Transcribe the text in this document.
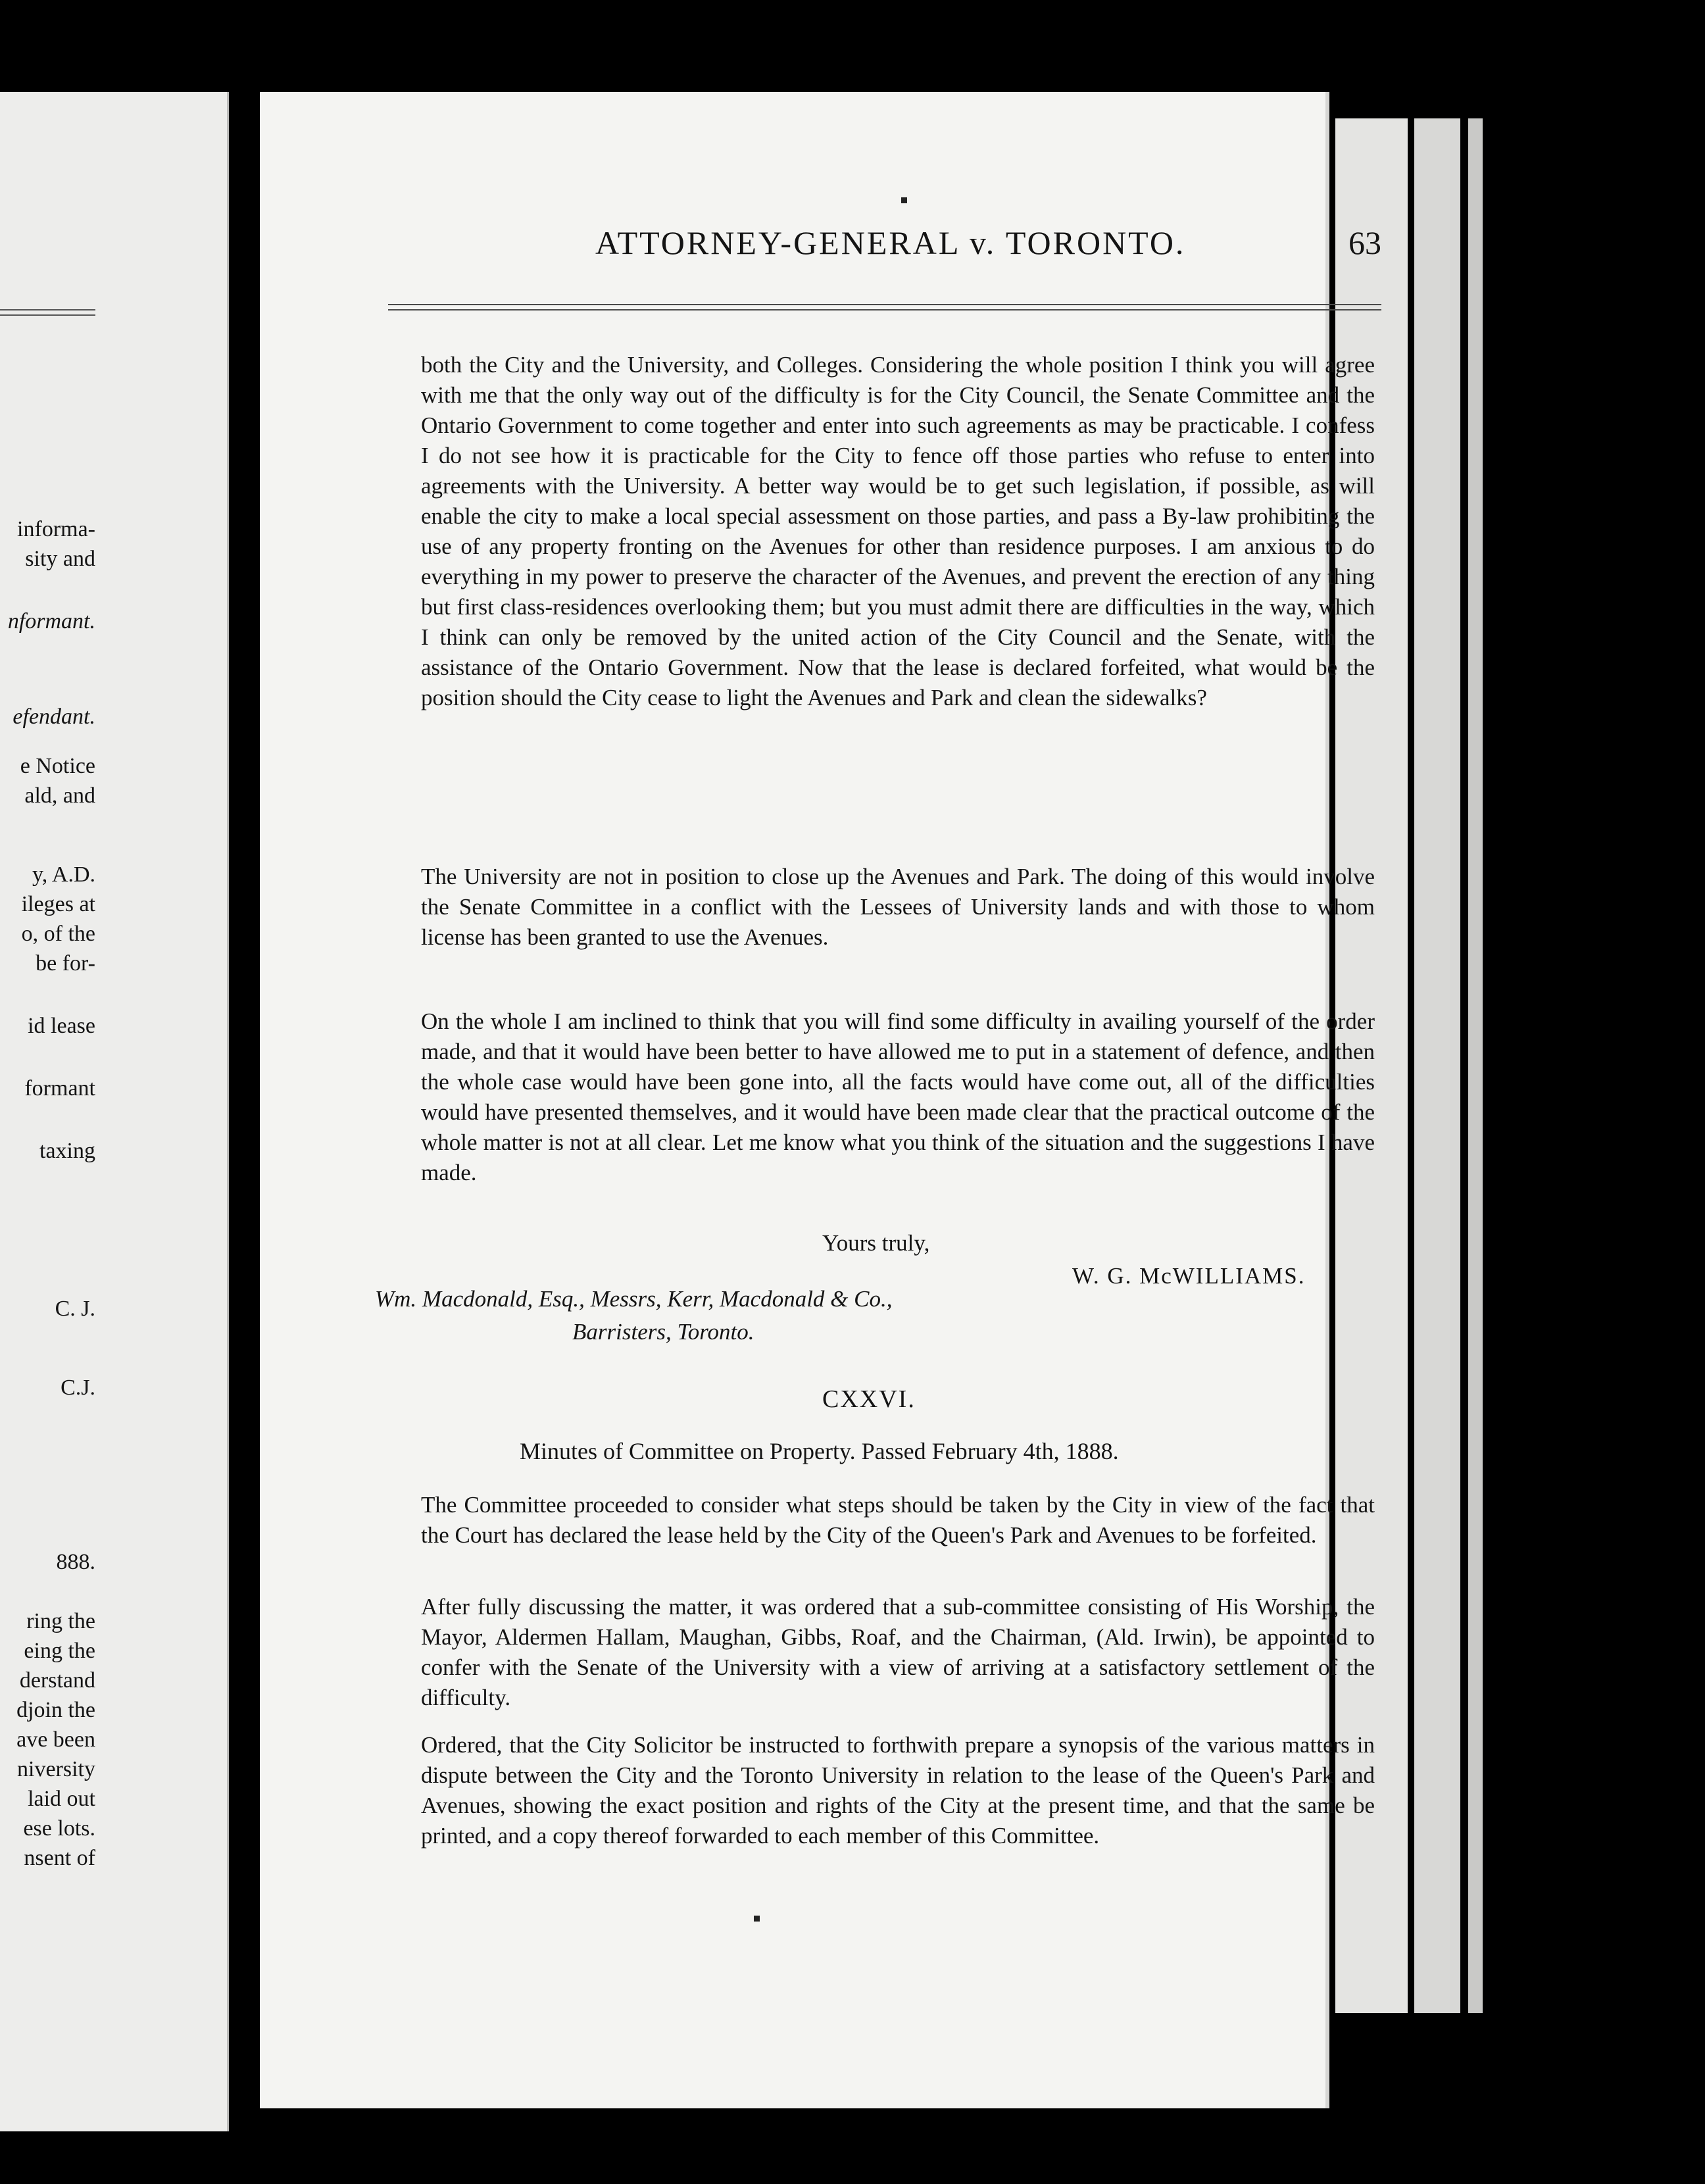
informa-
sity and
nformant.
efendant.
e Notice
ald, and
y, A.D.
ileges at
o, of the
be for-
id lease
formant
taxing
C. J.
C.J.
888.
ring the
eing the
derstand
djoin the
ave been
niversity
laid out
ese lots.
nsent of
ATTORNEY-GENERAL v. TORONTO.	63

both the City and the University, and Colleges. Considering the whole position I think you will agree with me that the only way out of the difficulty is for the City Council, the Senate Committee and the Ontario Government to come together and enter into such agreements as may be practicable. I confess I do not see how it is practicable for the City to fence off those parties who refuse to enter into agreements with the University. A better way would be to get such legislation, if possible, as will enable the city to make a local special assessment on those parties, and pass a By-law prohibiting the use of any property fronting on the Avenues for other than residence purposes. I am anxious to do everything in my power to preserve the character of the Avenues, and prevent the erection of any thing but first class-residences overlooking them; but you must admit there are difficulties in the way, which I think can only be removed by the united action of the City Council and the Senate, with the assistance of the Ontario Government. Now that the lease is declared forfeited, what would be the position should the City cease to light the Avenues and Park and clean the sidewalks?

The University are not in position to close up the Avenues and Park. The doing of this would involve the Senate Committee in a conflict with the Lessees of University lands and with those to whom license has been granted to use the Avenues.

On the whole I am inclined to think that you will find some difficulty in availing yourself of the order made, and that it would have been better to have allowed me to put in a statement of defence, and then the whole case would have been gone into, all the facts would have come out, all of the difficulties would have presented themselves, and it would have been made clear that the practical outcome of the whole matter is not at all clear. Let me know what you think of the situation and the suggestions I have made.

Yours truly,
W. G. McWILLIAMS.
Wm. Macdonald, Esq., Messrs, Kerr, Macdonald & Co.,
Barristers, Toronto.
CXXVI.
Minutes of Committee on Property. Passed February 4th, 1888.

The Committee proceeded to consider what steps should be taken by the City in view of the fact that the Court has declared the lease held by the City of the Queen's Park and Avenues to be forfeited.

After fully discussing the matter, it was ordered that a sub-committee consisting of His Worship, the Mayor, Aldermen Hallam, Maughan, Gibbs, Roaf, and the Chairman, (Ald. Irwin), be appointed to confer with the Senate of the University with a view of arriving at a satisfactory settlement of the difficulty.

Ordered, that the City Solicitor be instructed to forthwith prepare a synopsis of the various matters in dispute between the City and the Toronto University in relation to the lease of the Queen's Park and Avenues, showing the exact position and rights of the City at the present time, and that the same be printed, and a copy thereof forwarded to each member of this Committee.
